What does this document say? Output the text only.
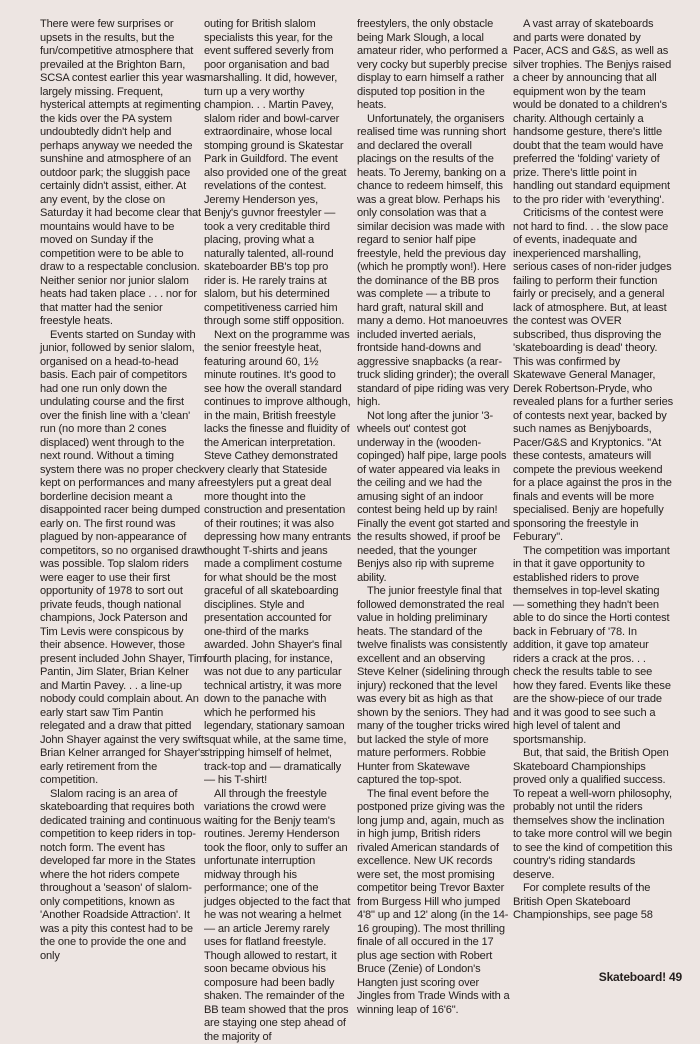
There were few surprises or upsets in the results, but the fun/competitive atmosphere that prevailed at the Brighton Barn, SCSA contest earlier this year was largely missing. Frequent, hysterical attempts at regimenting the kids over the PA system undoubtedly didn't help and perhaps anyway we needed the sunshine and atmosphere of an outdoor park; the sluggish pace certainly didn't assist, either. At any event, by the close on Saturday it had become clear that mountains would have to be moved on Sunday if the competition were to be able to draw to a respectable conclusion. Neither senior nor junior slalom heats had taken place . . . nor for that matter had the senior freestyle heats.

Events started on Sunday with junior, followed by senior slalom, organised on a head-to-head basis. Each pair of competitors had one run only down the undulating course and the first over the finish line with a 'clean' run (no more than 2 cones displaced) went through to the next round. Without a timing system there was no proper check kept on performances and many a borderline decision meant a disappointed racer being dumped early on. The first round was plagued by non-appearance of competitors, so no organised draw was possible. Top slalom riders were eager to use their first opportunity of 1978 to sort out private feuds, though national champions, Jock Paterson and Tim Levis were conspicous by their absence. However, those present included John Shayer, Tim Pantin, Jim Slater, Brian Kelner and Martin Pavey. . . a line-up nobody could complain about. An early start saw Tim Pantin relegated and a draw that pitted John Shayer against the very swift Brian Kelner arranged for Shayer's early retirement from the competition.

Slalom racing is an area of skateboarding that requires both dedicated training and continuous competition to keep riders in top-notch form. The event has developed far more in the States where the hot riders compete throughout a 'season' of slalom-only competitions, known as 'Another Roadside Attraction'. It was a pity this contest had to be the one to provide the one and only

outing for British slalom specialists this year, for the event suffered severly from poor organisation and bad marshalling. It did, however, turn up a very worthy champion. . . Martin Pavey, slalom rider and bowl-carver extraordinaire, whose local stomping ground is Skatestar Park in Guildford. The event also provided one of the great revelations of the contest. Jeremy Henderson yes, Benjy's guvnor freestyler — took a very creditable third placing, proving what a naturally talented, all-round skateboarder BB's top pro rider is. He rarely trains at slalom, but his determined competitiveness carried him through some stiff opposition.

Next on the programme was the senior freestyle heat, featuring around 60, 1½ minute routines. It's good to see how the overall standard continues to improve although, in the main, British freestyle lacks the finesse and fluidity of the American interpretation. Steve Cathey demonstrated very clearly that Stateside freestylers put a great deal more thought into the construction and presentation of their routines; it was also depressing how many entrants thought T-shirts and jeans made a compliment costume for what should be the most graceful of all skateboarding disciplines. Style and presentation accounted for one-third of the marks awarded. John Shayer's final fourth placing, for instance, was not due to any particular technical artistry, it was more down to the panache with which he performed his legendary, stationary samoan squat while, at the same time, stripping himself of helmet, track-top and — dramatically — his T-shirt!

All through the freestyle variations the crowd were waiting for the Benjy team's routines. Jeremy Henderson took the floor, only to suffer an unfortunate interruption midway through his performance; one of the judges objected to the fact that he was not wearing a helmet — an article Jeremy rarely uses for flatland freestyle. Though allowed to restart, it soon became obvious his composure had been badly shaken. The remainder of the BB team showed that the pros are staying one step ahead of the majority of

freestylers, the only obstacle being Mark Slough, a local amateur rider, who performed a very cocky but superbly precise display to earn himself a rather disputed top position in the heats.

Unfortunately, the organisers realised time was running short and declared the overall placings on the results of the heats. To Jeremy, banking on a chance to redeem himself, this was a great blow. Perhaps his only consolation was that a similar decision was made with regard to senior half pipe freestyle, held the previous day (which he promptly won!). Here the dominance of the BB pros was complete — a tribute to hard graft, natural skill and many a demo. Hot manoeuvres included inverted aerials, frontside hand-downs and aggressive snapbacks (a rear-truck sliding grinder); the overall standard of pipe riding was very high.

Not long after the junior '3-wheels out' contest got underway in the (wooden-copinged) half pipe, large pools of water appeared via leaks in the ceiling and we had the amusing sight of an indoor contest being held up by rain! Finally the event got started and the results showed, if proof be needed, that the younger Benjys also rip with supreme ability.

The junior freestyle final that followed demonstrated the real value in holding preliminary heats. The standard of the twelve finalists was consistently excellent and an observing Steve Kelner (sidelining through injury) reckoned that the level was every bit as high as that shown by the seniors. They had many of the tougher tricks wired but lacked the style of more mature performers. Robbie Hunter from Skatewave captured the top-spot.

The final event before the postponed prize giving was the long jump and, again, much as in high jump, British riders rivaled American standards of excellence. New UK records were set, the most promising competitor being Trevor Baxter from Burgess Hill who jumped 4'8" up and 12' along (in the 14-16 grouping). The most thrilling finale of all occured in the 17 plus age section with Robert Bruce (Zenie) of London's Hangten just scoring over Jingles from Trade Winds with a winning leap of 16'6".

A vast array of skateboards and parts were donated by Pacer, ACS and G&S, as well as silver trophies. The Benjys raised a cheer by announcing that all equipment won by the team would be donated to a children's charity. Although certainly a handsome gesture, there's little doubt that the team would have preferred the 'folding' variety of prize. There's little point in handling out standard equipment to the pro rider with 'everything'.

Criticisms of the contest were not hard to find. . . the slow pace of events, inadequate and inexperienced marshalling, serious cases of non-rider judges failing to perform their function fairly or precisely, and a general lack of atmosphere. But, at least the contest was OVER subscribed, thus disproving the 'skateboarding is dead' theory. This was confirmed by Skatewave General Manager, Derek Robertson-Pryde, who revealed plans for a further series of contests next year, backed by such names as Benjyboards, Pacer/G&S and Kryptonics. "At these contests, amateurs will compete the previous weekend for a place against the pros in the finals and events will be more specialised. Benjy are hopefully sponsoring the freestyle in Feburary".

The competition was important in that it gave opportunity to established riders to prove themselves in top-level skating — something they hadn't been able to do since the Horti contest back in February of '78. In addition, it gave top amateur riders a crack at the pros. . . check the results table to see how they fared. Events like these are the show-piece of our trade and it was good to see such a high level of talent and sportsmanship.

But, that said, the British Open Skateboard Championships proved only a qualified success. To repeat a well-worn philosophy, probably not until the riders themselves show the inclination to take more control will we begin to see the kind of competition this country's riding standards deserve.

For complete results of the British Open Skateboard Championships, see page 58

Skateboard! 49
